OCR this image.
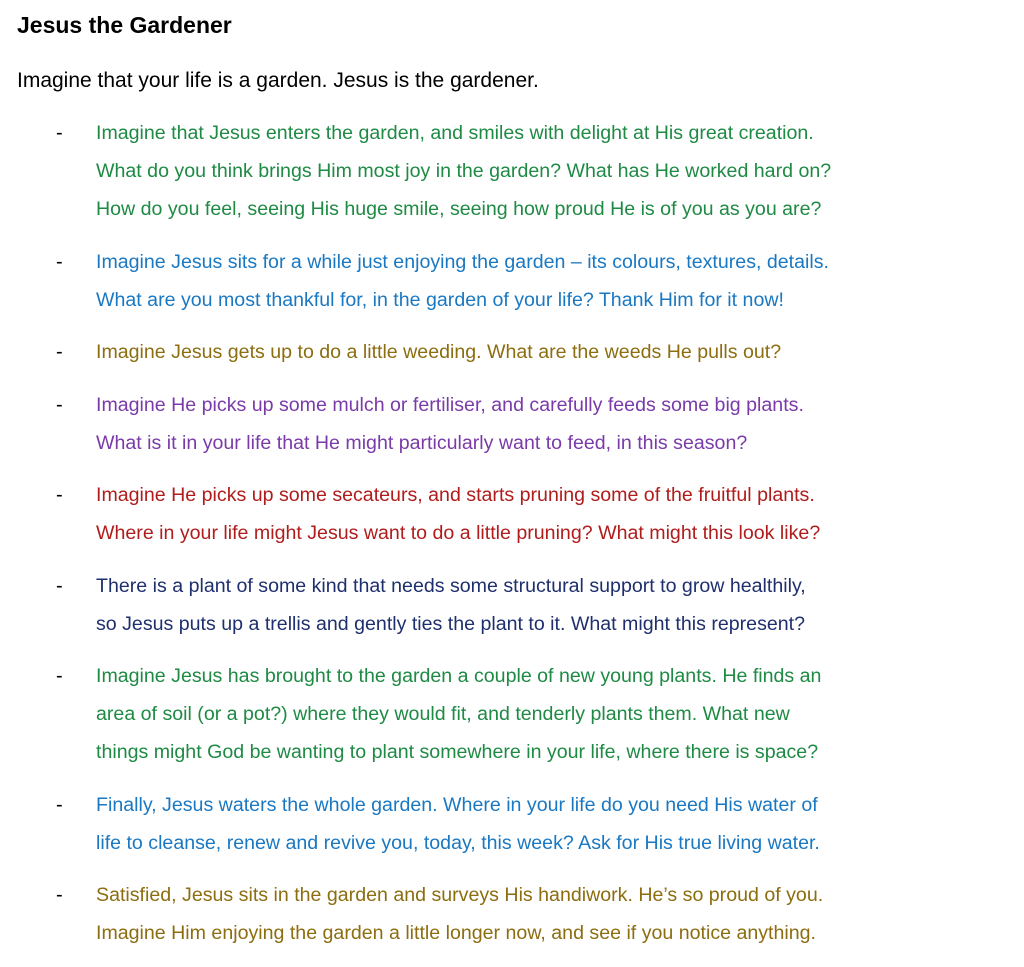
Jesus the Gardener

Imagine that your life is a garden. Jesus is the gardener.

- Imagine that Jesus enters the garden, and smiles with delight at His great creation.
What do you think brings Him most joy in the garden? What has He worked hard on?
How do you feel, seeing His huge smile, seeing how proud He is of you as you are?
- Imagine Jesus sits for a while just enjoying the garden – its colours, textures, details.
What are you most thankful for, in the garden of your life? Thank Him for it now!
- Imagine Jesus gets up to do a little weeding. What are the weeds He pulls out?
- Imagine He picks up some mulch or fertiliser, and carefully feeds some big plants.
What is it in your life that He might particularly want to feed, in this season?
- Imagine He picks up some secateurs, and starts pruning some of the fruitful plants.
Where in your life might Jesus want to do a little pruning? What might this look like?
- There is a plant of some kind that needs some structural support to grow healthily,
so Jesus puts up a trellis and gently ties the plant to it. What might this represent?
- Imagine Jesus has brought to the garden a couple of new young plants. He finds an
area of soil (or a pot?) where they would fit, and tenderly plants them. What new
things might God be wanting to plant somewhere in your life, where there is space?
- Finally, Jesus waters the whole garden. Where in your life do you need His water of
life to cleanse, renew and revive you, today, this week? Ask for His true living water.
- Satisfied, Jesus sits in the garden and surveys His handiwork. He’s so proud of you.
Imagine Him enjoying the garden a little longer now, and see if you notice anything.
